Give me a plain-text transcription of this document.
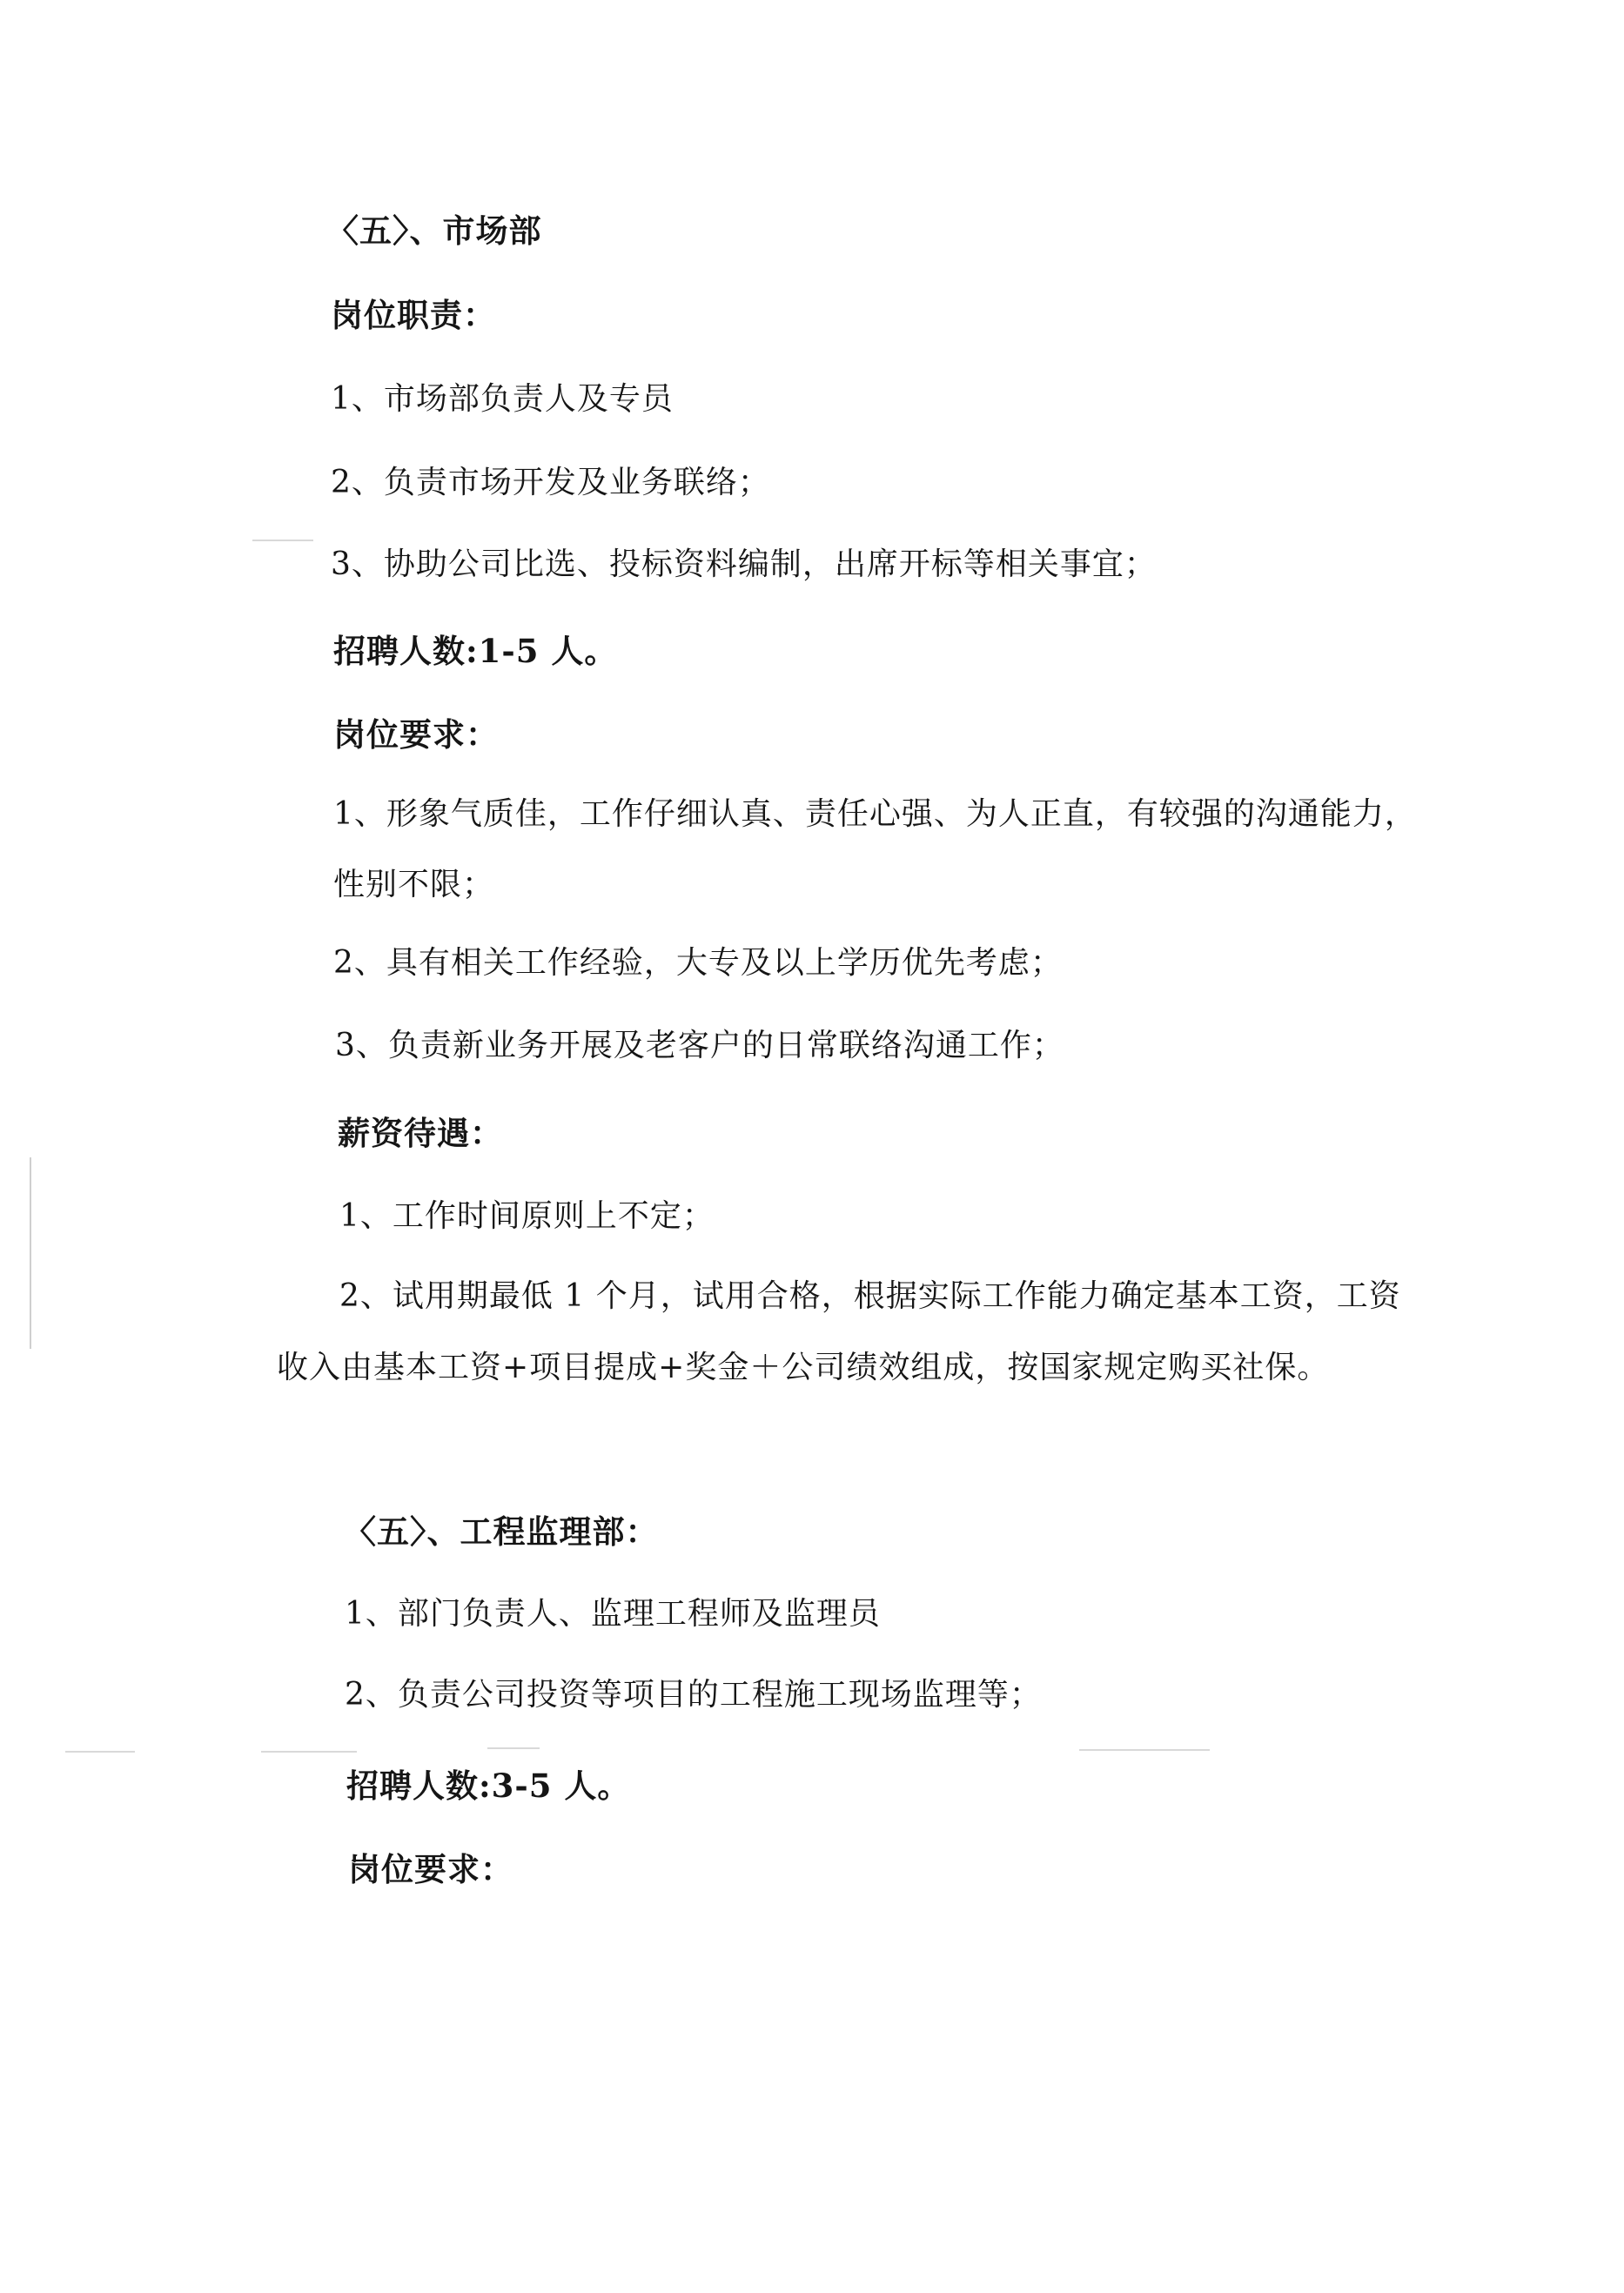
〈五〉、市场部
岗位职责：
1、市场部负责人及专员
2、负责市场开发及业务联络；
3、协助公司比选、投标资料编制，出席开标等相关事宜；
招聘人数:1-5 人。
岗位要求：
1、形象气质佳，工作仔细认真、责任心强、为人正直，有较强的沟通能力，
性别不限；
2、具有相关工作经验，大专及以上学历优先考虑；
3、负责新业务开展及老客户的日常联络沟通工作；
薪资待遇：
1、工作时间原则上不定；
2、试用期最低 1 个月，试用合格，根据实际工作能力确定基本工资，工资
收入由基本工资+项目提成+奖金＋公司绩效组成，按国家规定购买社保。
〈五〉、工程监理部：
1、部门负责人、监理工程师及监理员
2、负责公司投资等项目的工程施工现场监理等；
招聘人数:3-5 人。
岗位要求：
